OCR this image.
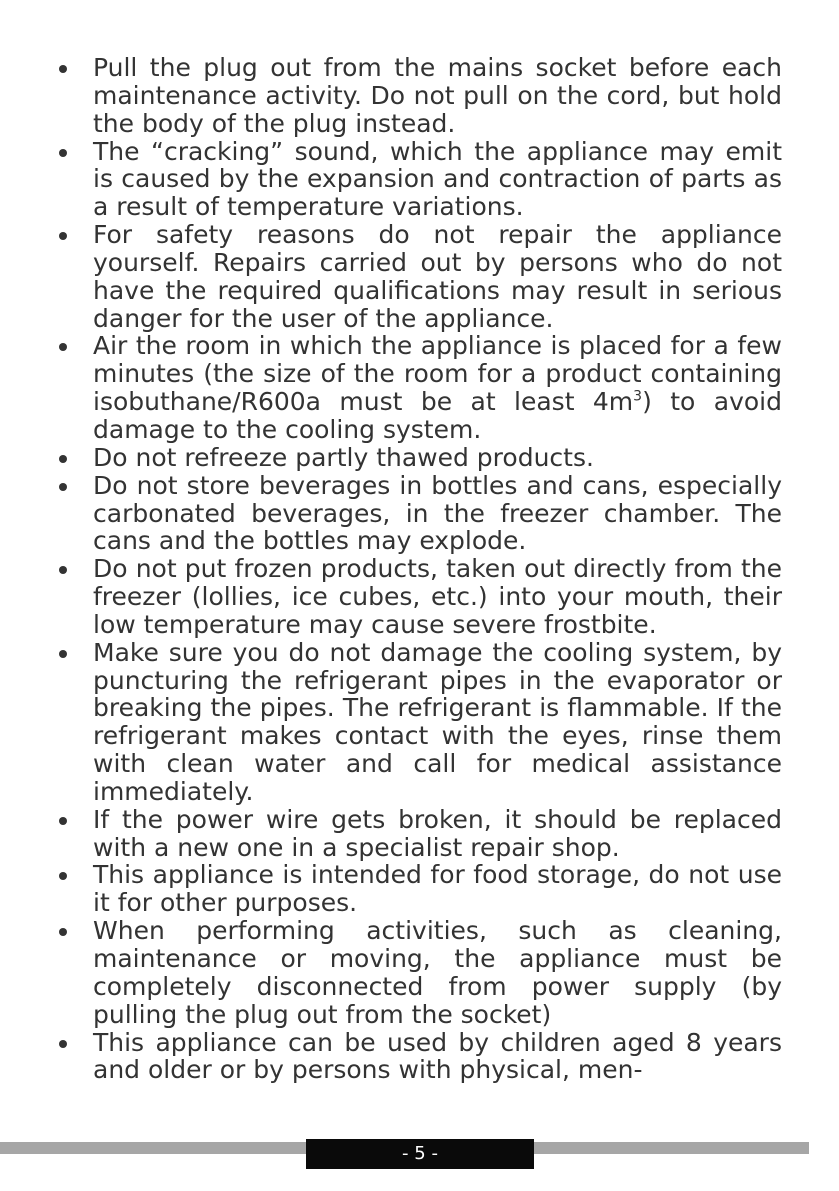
Pull the plug out from the mains socket before each maintenance activity. Do not pull on the cord, but hold the body of the plug instead.
The “cracking” sound, which the appliance may emit is caused by the expansion and contraction of parts as a result of temperature variations.
For safety reasons do not repair the appliance yourself. Repairs carried out by persons who do not have the required qualiﬁcations may result in serious danger for the user of the appliance.
Air the room in which the appliance is placed for a few minutes (the size of the room for a product containing isobuthane/R600a must be at least $4m^3$) to avoid damage to the cooling system.
Do not refreeze partly thawed products.
Do not store beverages in bottles and cans, especially carbonated beverages, in the freezer chamber. The cans and the bottles may explode.
Do not put frozen products, taken out directly from the freezer (lollies, ice cubes, etc.) into your mouth, their low temperature may cause severe frostbite.
Make sure you do not damage the cooling system, by puncturing the refrigerant pipes in the evaporator or breaking the pipes. The refrigerant is ﬂammable. If the refrigerant makes contact with the eyes, rinse them with clean water and call for medical assistance immediately.
If the power wire gets broken, it should be replaced with a new one in a specialist repair shop.
This appliance is intended for food storage, do not use it for other purposes.
When performing activities, such as cleaning, maintenance or moving, the appliance must be completely disconnected from power supply (by pulling the plug out from the socket)
This appliance can be used by children aged 8 years and older or by persons with physical, men-
- 5 -
